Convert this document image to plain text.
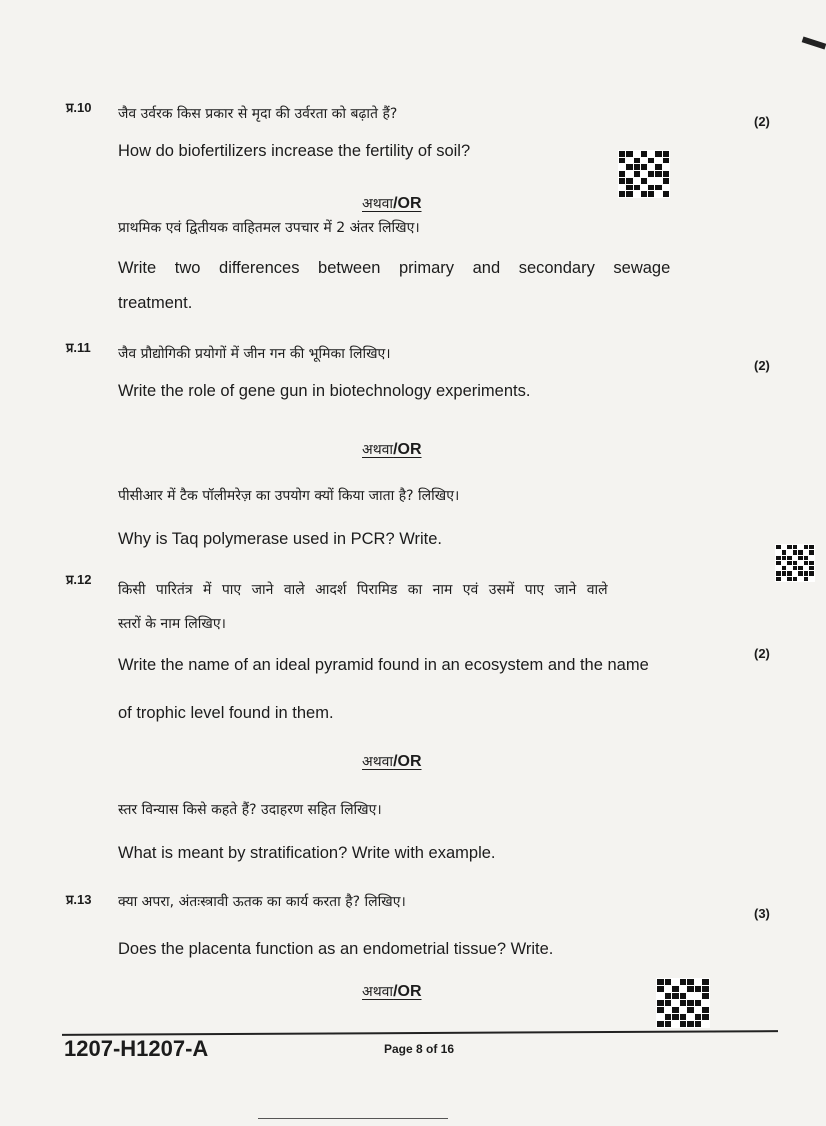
प्र.10 जैव उर्वरक किस प्रकार से मृदा की उर्वरता को बढ़ाते हैं?	(2)
How do biofertilizers increase the fertility of soil?
अथवा/OR
प्राथमिक एवं द्वितीयक वाहितमल उपचार में 2 अंतर लिखिए।
Write two differences between primary and secondary sewage
treatment.
प्र.11 जैव प्रौद्योगिकी प्रयोगों में जीन गन की भूमिका लिखिए।
(2)
Write the role of gene gun in biotechnology experiments.
अथवा/OR
पीसीआर में टैक पॉलीमरेज़ का उपयोग क्यों किया जाता है? लिखिए।
Why is Taq polymerase used in PCR? Write.
प्र.12
किसी पारितंत्र में पाए जाने वाले आदर्श पिरामिड का नाम एवं उसमें पाए जाने वाले
स्तरों के नाम लिखिए।
(2)
Write the name of an ideal pyramid found in an ecosystem and the name
of trophic level found in them.
अथवा/OR
स्तर विन्यास किसे कहते हैं? उदाहरण सहित लिखिए।
What is meant by stratification? Write with example.
प्र.13 क्या अपरा, अंतःस्त्रावी ऊतक का कार्य करता है? लिखिए।
(3)
Does the placenta function as an endometrial tissue? Write.
अथवा/OR
1207-H1207-A	Page 8 of 16
